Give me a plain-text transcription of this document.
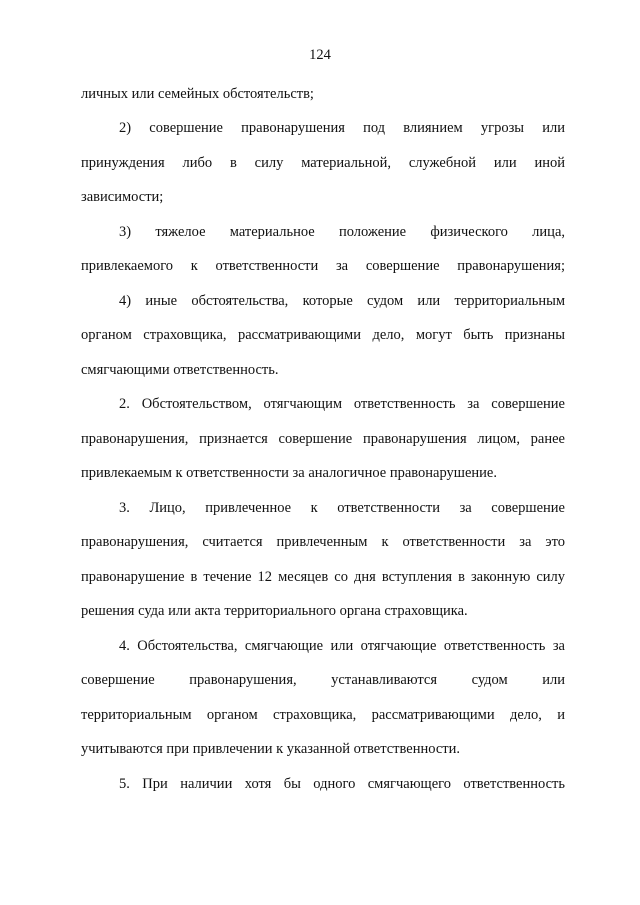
124
личных или семейных обстоятельств;
2) совершение правонарушения под влиянием угрозы или
принуждения либо в силу материальной, служебной или иной
зависимости;
3) тяжелое материальное положение физического лица,
привлекаемого к ответственности за совершение правонарушения;
4) иные обстоятельства, которые судом или территориальным
органом страховщика, рассматривающими дело, могут быть признаны
смягчающими ответственность.
2. Обстоятельством, отягчающим ответственность за совершение
правонарушения, признается совершение правонарушения лицом, ранее
привлекаемым к ответственности за аналогичное правонарушение.
3. Лицо, привлеченное к ответственности за совершение
правонарушения, считается привлеченным к ответственности за это
правонарушение в течение 12 месяцев со дня вступления в законную силу
решения суда или акта территориального органа страховщика.
4. Обстоятельства, смягчающие или отягчающие ответственность за
совершение правонарушения, устанавливаются судом или
территориальным органом страховщика, рассматривающими дело, и
учитываются при привлечении к указанной ответственности.
5. При наличии хотя бы одного смягчающего ответственность
